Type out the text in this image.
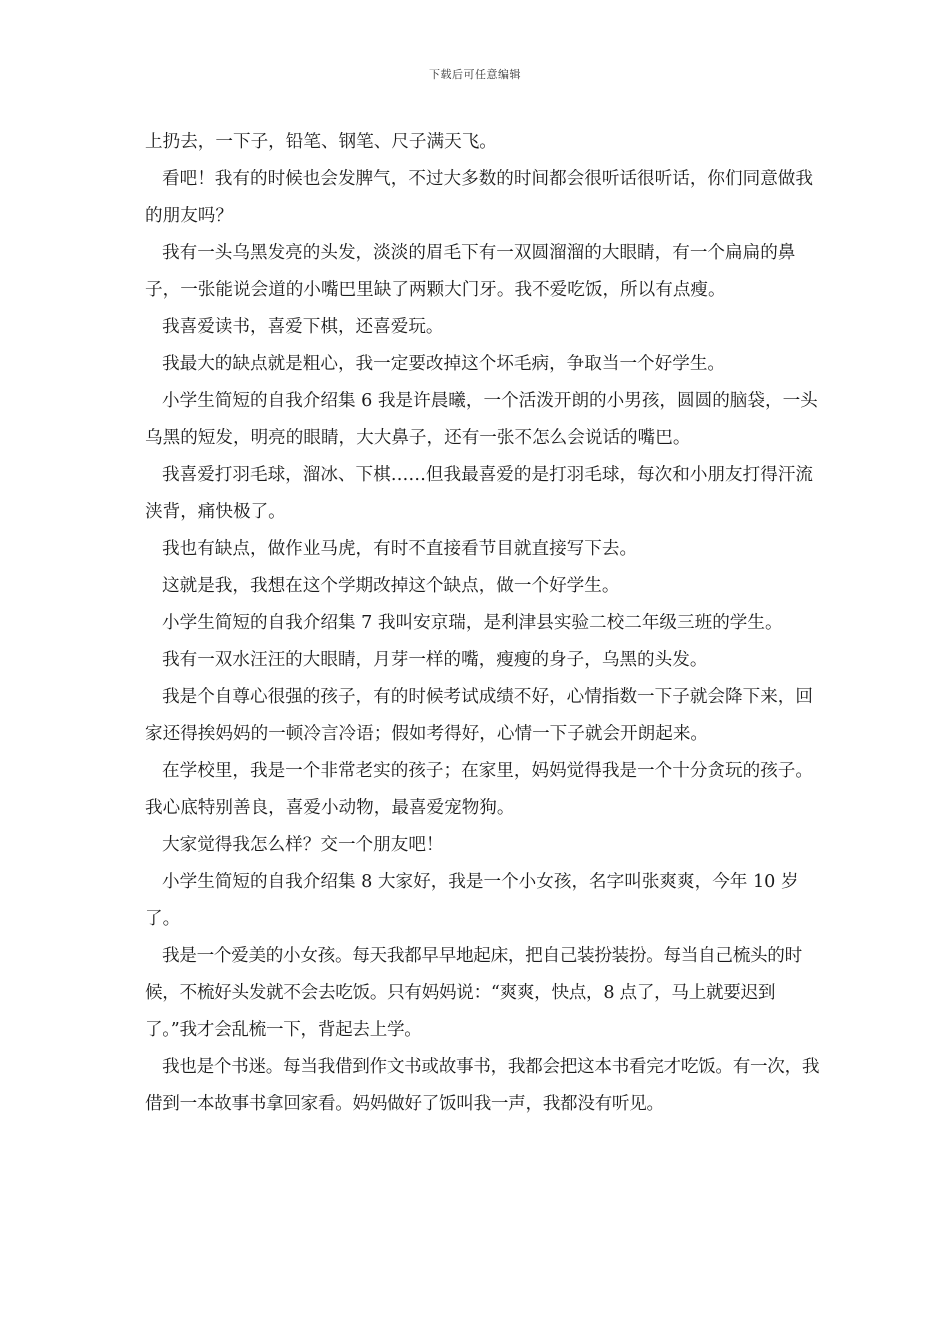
下载后可任意编辑

上扔去，一下子，铅笔、钢笔、尺子满天飞。

看吧！我有的时候也会发脾气，不过大多数的时间都会很听话很听话，你们同意做我的朋友吗？

我有一头乌黑发亮的头发，淡淡的眉毛下有一双圆溜溜的大眼睛，有一个扁扁的鼻子，一张能说会道的小嘴巴里缺了两颗大门牙。我不爱吃饭，所以有点瘦。

我喜爱读书，喜爱下棋，还喜爱玩。

我最大的缺点就是粗心，我一定要改掉这个坏毛病，争取当一个好学生。

小学生简短的自我介绍集 6 我是许晨曦，一个活泼开朗的小男孩，圆圆的脑袋，一头乌黑的短发，明亮的眼睛，大大鼻子，还有一张不怎么会说话的嘴巴。

我喜爱打羽毛球，溜冰、下棋……但我最喜爱的是打羽毛球，每次和小朋友打得汗流浃背，痛快极了。

我也有缺点，做作业马虎，有时不直接看节目就直接写下去。

这就是我，我想在这个学期改掉这个缺点，做一个好学生。

小学生简短的自我介绍集 7 我叫安京瑞，是利津县实验二校二年级三班的学生。

我有一双水汪汪的大眼睛，月芽一样的嘴，瘦瘦的身子，乌黑的头发。

我是个自尊心很强的孩子，有的时候考试成绩不好，心情指数一下子就会降下来，回家还得挨妈妈的一顿冷言冷语；假如考得好，心情一下子就会开朗起来。

在学校里，我是一个非常老实的孩子；在家里，妈妈觉得我是一个十分贪玩的孩子。我心底特别善良，喜爱小动物，最喜爱宠物狗。

大家觉得我怎么样？交一个朋友吧！

小学生简短的自我介绍集 8 大家好，我是一个小女孩，名字叫张爽爽，今年 10 岁了。

我是一个爱美的小女孩。每天我都早早地起床，把自己装扮装扮。每当自己梳头的时候，不梳好头发就不会去吃饭。只有妈妈说：“爽爽，快点，8 点了，马上就要迟到了。”我才会乱梳一下，背起去上学。

我也是个书迷。每当我借到作文书或故事书，我都会把这本书看完才吃饭。有一次，我借到一本故事书拿回家看。妈妈做好了饭叫我一声，我都没有听见。
